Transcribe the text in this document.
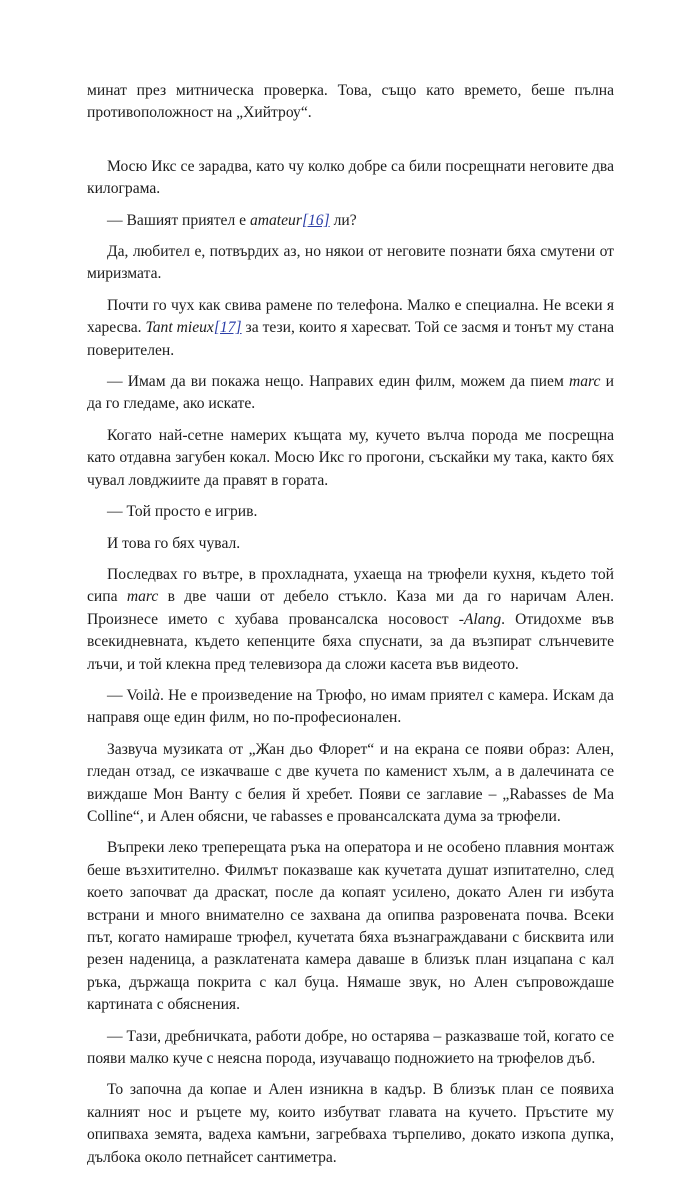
минат през митническа проверка. Това, също като времето, беше пълна противоположност на „Хийтроу“.

Мосю Икс се зарадва, като чу колко добре са били посрещнати неговите два килограма.

— Вашият приятел е amateur[16] ли?

Да, любител е, потвърдих аз, но някои от неговите познати бяха смутени от миризмата.

Почти го чух как свива рамене по телефона. Малко е специална. Не всеки я харесва. Tant mieux[17] за тези, които я харесват. Той се засмя и тонът му стана поверителен.

— Имам да ви покажа нещо. Направих един филм, можем да пием marc и да го гледаме, ако искате.

Когато най-сетне намерих къщата му, кучето вълча порода ме посрещна като отдавна загубен кокал. Мосю Икс го прогони, съскайки му така, както бях чувал ловджиите да правят в гората.

— Той просто е игрив.

И това го бях чувал.

Последвах го вътре, в прохладната, ухаеща на трюфели кухня, където той сипа marc в две чаши от дебело стъкло. Каза ми да го наричам Ален. Произнесе името с хубава провансалска носовост -Alang. Отидохме във всекидневната, където кепенците бяха спуснати, за да възпират слънчевите лъчи, и той клекна пред телевизора да сложи касета във видеото.

— Voilà. Не е произведение на Трюфо, но имам приятел с камера. Искам да направя още един филм, но по-професионален.

Зазвуча музиката от „Жан дьо Флорет“ и на екрана се появи образ: Ален, гледан отзад, се изкачваше с две кучета по каменист хълм, а в далечината се виждаше Мон Ванту с белия й хребет. Появи се заглавие – „Rabasses de Ma Colline“, и Ален обясни, че rabasses е провансалската дума за трюфели.

Въпреки леко треперещата ръка на оператора и не особено плавния монтаж беше възхитително. Филмът показваше как кучетата душат изпитателно, след което започват да драскат, после да копаят усилено, докато Ален ги избута встрани и много внимателно се захвана да опипва разровената почва. Всеки път, когато намираше трюфел, кучетата бяха възнаграждавани с бисквита или резен наденица, а разклатената камера даваше в близък план изцапана с кал ръка, държаща покрита с кал буца. Нямаше звук, но Ален съпровождаше картината с обяснения.

— Тази, дребничката, работи добре, но остарява – разказваше той, когато се появи малко куче с неясна порода, изучаващо подножието на трюфелов дъб.

То започна да копае и Ален изникна в кадър. В близък план се появиха калният нос и ръцете му, които избутват главата на кучето. Пръстите му опипваха земята, вадеха камъни, загребваха търпеливо, докато изкопа дупка, дълбока около петнайсет сантиметра.
